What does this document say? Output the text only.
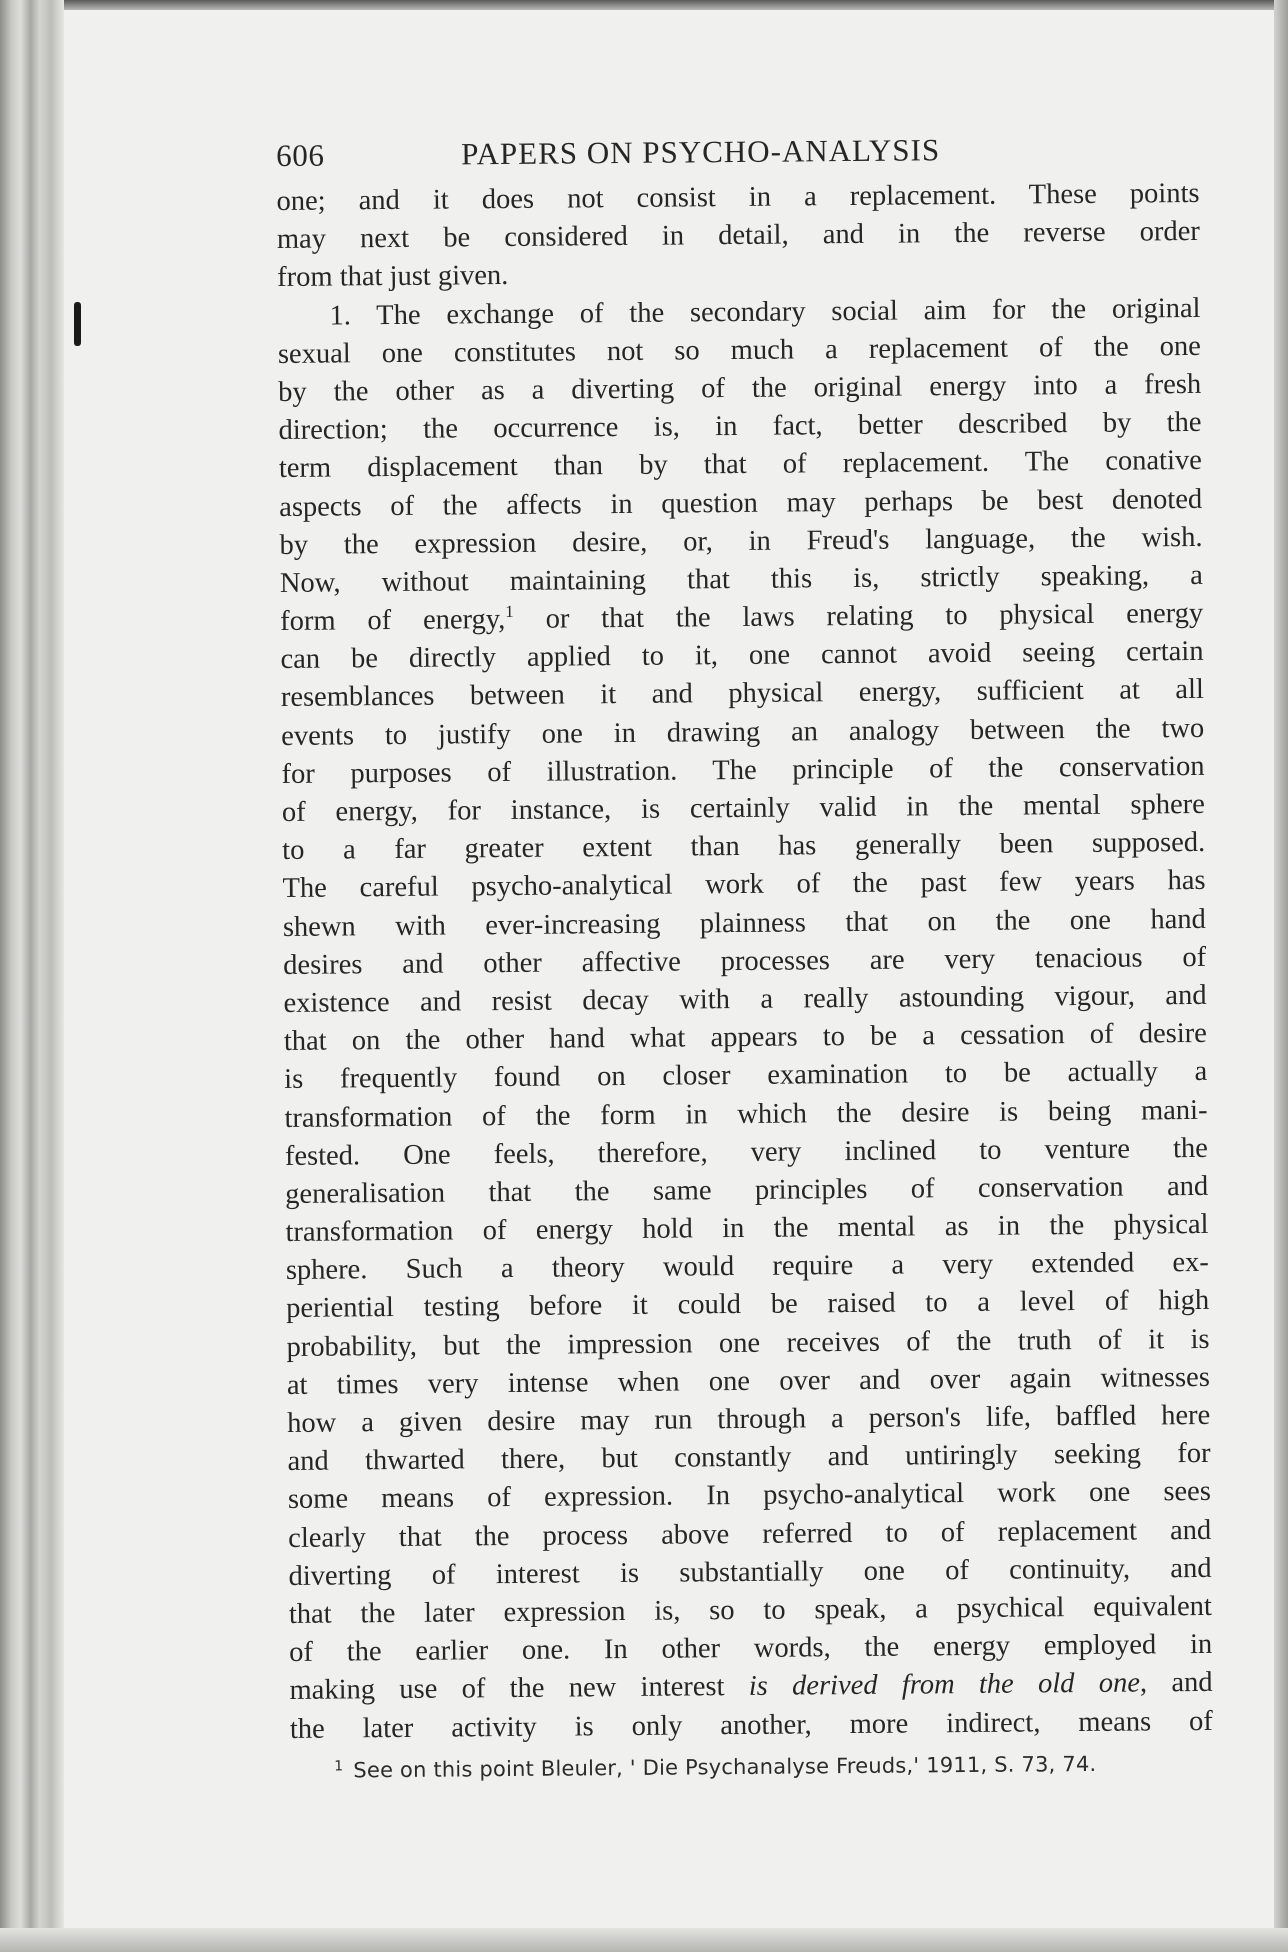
606	PAPERS ON PSYCHO-ANALYSIS
one; and it does not consist in a replacement. These points
may next be considered in detail, and in the reverse order
from that just given.
1. The exchange of the secondary social aim for the original
sexual one constitutes not so much a replacement of the one
by the other as a diverting of the original energy into a fresh
direction; the occurrence is, in fact, better described by the
term displacement than by that of replacement. The conative
aspects of the affects in question may perhaps be best denoted
by the expression desire, or, in Freud's language, the wish.
Now, without maintaining that this is, strictly speaking, a
form of energy,$^1$ or that the laws relating to physical energy
can be directly applied to it, one cannot avoid seeing certain
resemblances between it and physical energy, sufficient at all
events to justify one in drawing an analogy between the two
for purposes of illustration. The principle of the conservation
of energy, for instance, is certainly valid in the mental sphere
to a far greater extent than has generally been supposed.
The careful psycho-analytical work of the past few years has
shewn with ever-increasing plainness that on the one hand
desires and other affective processes are very tenacious of
existence and resist decay with a really astounding vigour, and
that on the other hand what appears to be a cessation of desire
is frequently found on closer examination to be actually a
transformation of the form in which the desire is being mani-
fested. One feels, therefore, very inclined to venture the
generalisation that the same principles of conservation and
transformation of energy hold in the mental as in the physical
sphere. Such a theory would require a very extended ex-
periential testing before it could be raised to a level of high
probability, but the impression one receives of the truth of it is
at times very intense when one over and over again witnesses
how a given desire may run through a person's life, baffled here
and thwarted there, but constantly and untiringly seeking for
some means of expression. In psycho-analytical work one sees
clearly that the process above referred to of replacement and
diverting of interest is substantially one of continuity, and
that the later expression is, so to speak, a psychical equivalent
of the earlier one. In other words, the energy employed in
making use of the new interest is derived from the old one, and
the later activity is only another, more indirect, means of
$^1$ See on this point Bleuler, ' Die Psychanalyse Freuds,' 1911, S. 73, 74.
